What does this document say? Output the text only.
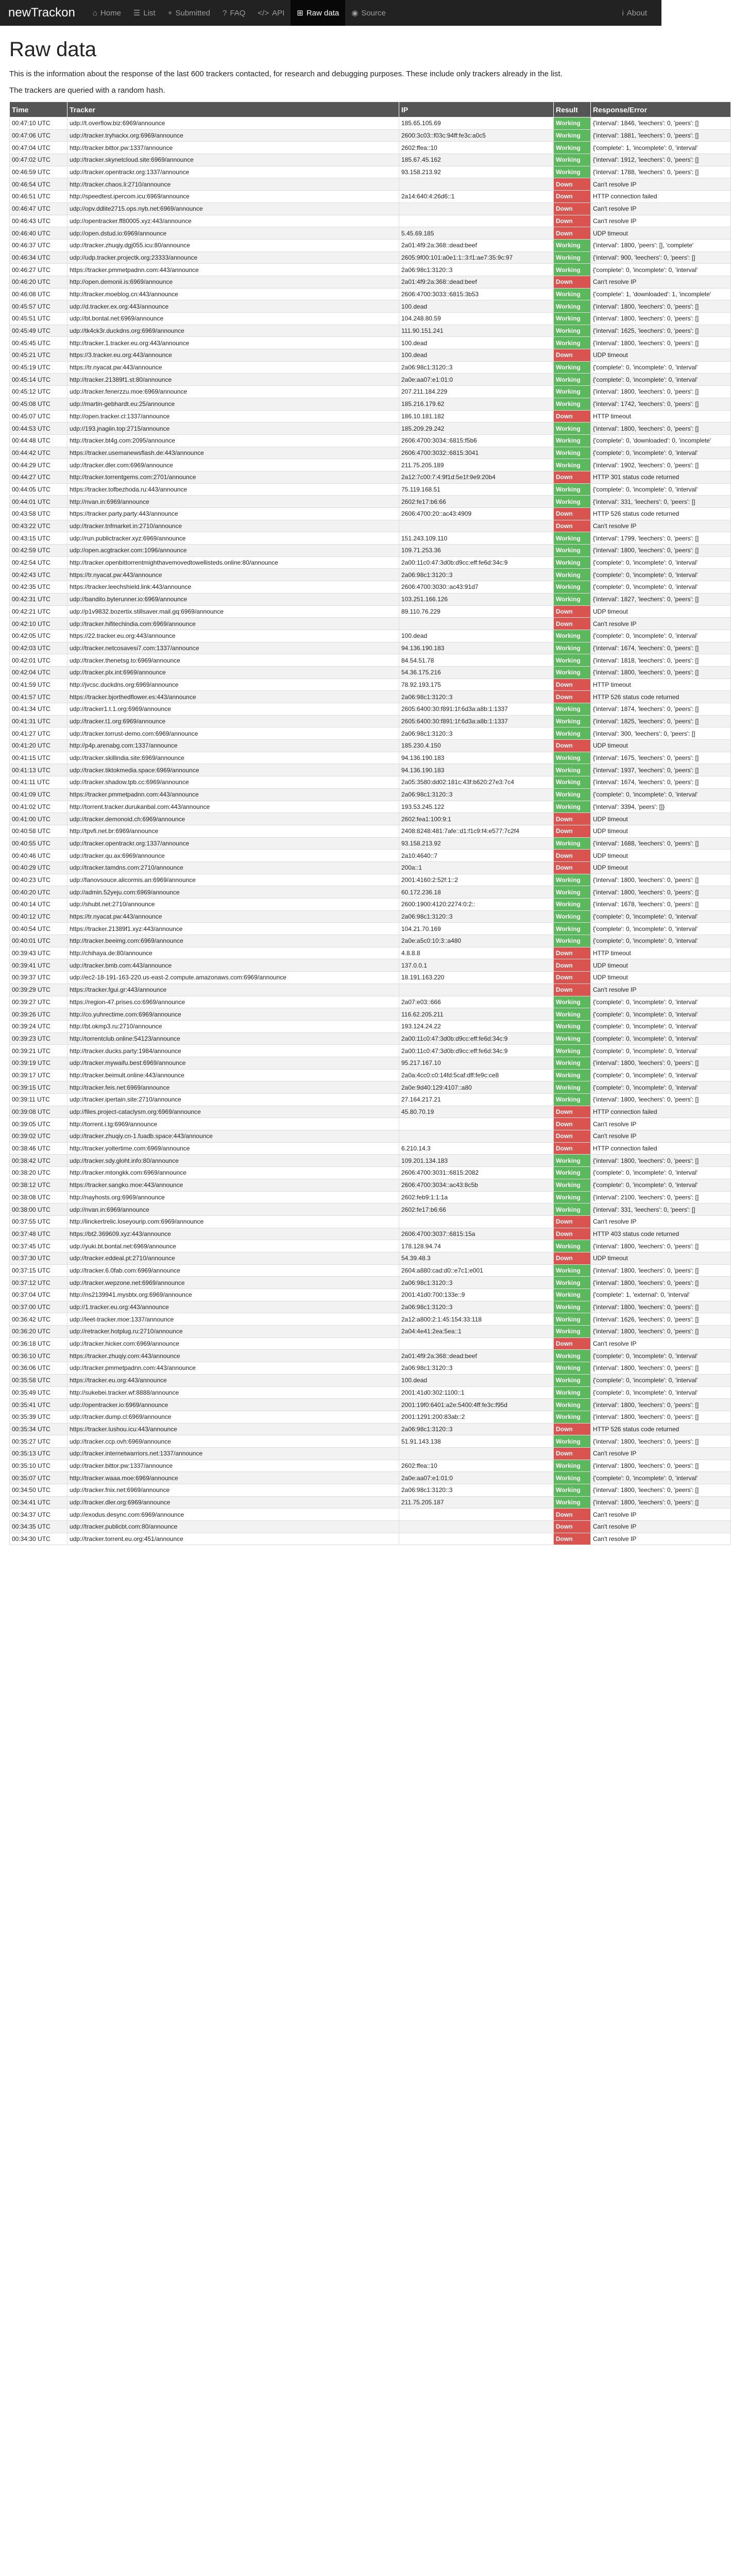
newTrackon ⌂ Home ☰ List + Submitted ? FAQ </> API ⊞ Raw data ◉ Source	i About
Raw data

This is the information about the response of the last 600 trackers contacted, for research and debugging purposes. These include only trackers already in the list.

The trackers are queried with a random hash.

Time	Tracker	IP	Result	Response/Error
00:47:10 UTC	udp://t.overflow.biz:6969/announce	185.65.105.69	Working	{'interval': 1846, 'leechers': 0, 'peers': []
00:47:06 UTC	udp://tracker.tryhackx.org:6969/announce	2600:3c03::f03c:94ff:fe3c:a0c5	Working	{'interval': 1881, 'leechers': 0, 'peers': []
00:47:04 UTC	http://tracker.bittor.pw:1337/announce	2602:ffea::10	Working	{'complete': 1, 'incomplete': 0, 'interval'
00:47:02 UTC	udp://tracker.skynetcloud.site:6969/announce	185.67.45.162	Working	{'interval': 1912, 'leechers': 0, 'peers': []
00:46:59 UTC	udp://tracker.opentrackr.org:1337/announce	93.158.213.92	Working	{'interval': 1788, 'leechers': 0, 'peers': []
00:46:54 UTC	http://tracker.chaos.li:2710/announce		Down	Can't resolve IP
00:46:51 UTC	http://speedtest.ipercom.icu:6969/announce	2a14:640:4:26d6::1	Down	HTTP connection failed
00:46:47 UTC	udp://opv.ddlite2715.ops.nyb.net:6969/announce		Down	Can't resolve IP
00:46:43 UTC	udp://opentracker.ff80005.xyz:443/announce		Down	Can't resolve IP
00:46:40 UTC	udp://open.dstud.io:6969/announce	5.45.69.185	Down	UDP timeout
00:46:37 UTC	udp://tracker.zhuqiy.dgj055.icu:80/announce	2a01:4f9:2a:368::dead:beef	Working	{'interval': 1800, 'peers': [], 'complete'
00:46:34 UTC	udp://udp.tracker.projectk.org:23333/announce	2605:9f00:101:a0e1:1::3:f1:ae7:35:9c:97	Working	{'interval': 900, 'leechers': 0, 'peers': []
00:46:27 UTC	https://tracker.pmmetpadnn.com:443/announce	2a06:98c1:3120::3	Working	{'complete': 0, 'incomplete': 0, 'interval'
00:46:20 UTC	http://open.demonii.is:6969/announce	2a01:4f9:2a:368::dead:beef	Down	Can't resolve IP
00:46:08 UTC	http://tracker.moeblog.cn:443/announce	2606:4700:3033::6815:3b53	Working	{'complete': 1, 'downloaded': 1, 'incomplete'
00:45:57 UTC	udp://d.tracker.ex.org:443/announce	100.dead	Working	{'interval': 1800, 'leechers': 0, 'peers': []
00:45:51 UTC	udp://bt.bontal.net:6969/announce	104.248.80.59	Working	{'interval': 1800, 'leechers': 0, 'peers': []
00:45:49 UTC	udp://tk4ck3r.duckdns.org:6969/announce	111.90.151.241	Working	{'interval': 1625, 'leechers': 0, 'peers': []
00:45:45 UTC	http://tracker.1.tracker.eu.org:443/announce	100.dead	Working	{'interval': 1800, 'leechers': 0, 'peers': []
00:45:21 UTC	https://3.tracker.eu.org:443/announce	100.dead	Down	UDP timeout
00:45:19 UTC	https://tr.nyacat.pw:443/announce	2a06:98c1:3120::3	Working	{'complete': 0, 'incomplete': 0, 'interval'
00:45:14 UTC	http://tracker.21389f1.st:80/announce	2a0e:aa07:e1:01:0	Working	{'complete': 0, 'incomplete': 0, 'interval'
00:45:12 UTC	udp://tracker.fenerzzu.moe:6969/announce	207.211.184.229	Working	{'interval': 1800, 'leechers': 0, 'peers': []
00:45:08 UTC	udp://martin-gebhardt.eu:25/announce	185.216.179.62	Working	{'interval': 1742, 'leechers': 0, 'peers': []
00:45:07 UTC	http://open.tracker.cl:1337/announce	186.10.181.182	Down	HTTP timeout
00:44:53 UTC	udp://193.jnagiin.top:2715/announce	185.209.29.242	Working	{'interval': 1800, 'leechers': 0, 'peers': []
00:44:48 UTC	http://tracker.bt4g.com:2095/announce	2606:4700:3034::6815:f5b6	Working	{'complete': 0, 'downloaded': 0, 'incomplete'
00:44:42 UTC	https://tracker.usemanewsflash.de:443/announce	2606:4700:3032::6815:3041	Working	{'complete': 0, 'incomplete': 0, 'interval'
00:44:29 UTC	udp://tracker.dler.com:6969/announce	211.75.205.189	Working	{'interval': 1902, 'leechers': 0, 'peers': []
00:44:27 UTC	http://tracker.torrentgems.com:2701/announce	2a12:7c00:7:4:9f1d:5e1f:9e9:20b4	Down	HTTP 301 status code returned
00:44:05 UTC	https://tracker.tofbezhoda.ru:443/announce	75.119.168.51	Working	{'complete': 0, 'incomplete': 0, 'interval'
00:44:01 UTC	http://nvan.in:6969/announce	2602:fe17:b6:66	Working	{'interval': 331, 'leechers': 0, 'peers': []
00:43:58 UTC	https://tracker.party.party:443/announce	2606:4700:20::ac43:4909	Down	HTTP 526 status code returned
00:43:22 UTC	udp://tracker.tnfmarket.in:2710/announce		Down	Can't resolve IP
00:43:15 UTC	udp://run.publictracker.xyz:6969/announce	151.243.109.110	Working	{'interval': 1799, 'leechers': 0, 'peers': []
00:42:59 UTC	udp://open.acgtracker.com:1096/announce	109.71.253.36	Working	{'interval': 1800, 'leechers': 0, 'peers': []
00:42:54 UTC	http://tracker.openbittorrentmighthavemovedtowellisteds.online:80/announce	2a00:11c0:47:3d0b:d9cc:eff:fe6d:34c:9	Working	{'complete': 0, 'incomplete': 0, 'interval'
00:42:43 UTC	https://tr.nyacat.pw:443/announce	2a06:98c1:3120::3	Working	{'complete': 0, 'incomplete': 0, 'interval'
00:42:35 UTC	https://tracker.leechshield.link:443/announce	2606:4700:3030::ac43:91d7	Working	{'complete': 0, 'incomplete': 0, 'interval'
00:42:31 UTC	udp://bandito.byterunner.io:6969/announce	103.251.166.126	Working	{'interval': 1827, 'leechers': 0, 'peers': []
00:42:21 UTC	udp://p1v9832.bozertix.stillsaver.mail.gq:6969/announce	89.110.76.229	Down	UDP timeout
00:42:10 UTC	udp://tracker.hifitechindia.com:6969/announce		Down	Can't resolve IP
00:42:05 UTC	https://22.tracker.eu.org:443/announce	100.dead	Working	{'complete': 0, 'incomplete': 0, 'interval'
00:42:03 UTC	udp://tracker.netcosavesi7.com:1337/announce	94.136.190.183	Working	{'interval': 1674, 'leechers': 0, 'peers': []
00:42:01 UTC	udp://tracker.thenetsg.to:6969/announce	84.54.51.78	Working	{'interval': 1818, 'leechers': 0, 'peers': []
00:42:04 UTC	udp://tracker.plx.int:6969/announce	54.36.175.216	Working	{'interval': 1800, 'leechers': 0, 'peers': []
00:41:59 UTC	http://jvcsc.duckdns.org:6969/announce	78.92.193.175	Down	HTTP timeout
00:41:57 UTC	https://tracker.bjorthedflower.es:443/announce	2a06:98c1:3120::3	Down	HTTP 526 status code returned
00:41:34 UTC	udp://tracker1.t.1.org:6969/announce	2605:6400:30:f891:1f:6d3a:a8b:1:1337	Working	{'interval': 1874, 'leechers': 0, 'peers': []
00:41:31 UTC	udp://tracker.t1.org:6969/announce	2605:6400:30:f891:1f:6d3a:a8b:1:1337	Working	{'interval': 1825, 'leechers': 0, 'peers': []
00:41:27 UTC	udp://tracker.torrust-demo.com:6969/announce	2a06:98c1:3120::3	Working	{'interval': 300, 'leechers': 0, 'peers': []
00:41:20 UTC	http://p4p.arenabg.com:1337/announce	185.230.4.150	Down	UDP timeout
00:41:15 UTC	udp://tracker.skillindia.site:6969/announce	94.136.190.183	Working	{'interval': 1675, 'leechers': 0, 'peers': []
00:41:13 UTC	udp://tracker.tiktokmedia.space:6969/announce	94.136.190.183	Working	{'interval': 1937, 'leechers': 0, 'peers': []
00:41:11 UTC	udp://tracker.shadow.tpb.cc:6969/announce	2a05:3580:dd02:181c:43f:b620:27e3:7c4	Working	{'interval': 1674, 'leechers': 0, 'peers': []
00:41:09 UTC	https://tracker.pmmetpadnn.com:443/announce	2a06:98c1:3120::3	Working	{'complete': 0, 'incomplete': 0, 'interval'
00:41:02 UTC	http://torrent.tracker.durukanbal.com:443/announce	193.53.245.122	Working	{'interval': 3394, 'peers': []}
00:41:00 UTC	udp://tracker.demonoid.ch:6969/announce	2602:fea1:100:9:1	Down	UDP timeout
00:40:58 UTC	http://tpvfi.net.br:6969/announce	2408:8248:481:7afe::d1:f1c9:f4:e577:7c2f4	Down	UDP timeout
00:40:55 UTC	udp://tracker.opentrackr.org:1337/announce	93.158.213.92	Working	{'interval': 1688, 'leechers': 0, 'peers': []
00:40:46 UTC	udp://tracker.qu.ax:6969/announce	2a10:4640::7	Down	UDP timeout
00:40:29 UTC	udp://tracker.tamdns.com:2710/announce	200a::1	Down	UDP timeout
00:40:23 UTC	udp://fanovsouce.alicormis.an:6969/announce	2001:4160:2:52f:1::2	Working	{'interval': 1800, 'leechers': 0, 'peers': []
00:40:20 UTC	udp://admin.52yeju.com:6969/announce	60.172.236.18	Working	{'interval': 1800, 'leechers': 0, 'peers': []
00:40:14 UTC	udp://shubt.net:2710/announce	2600:1900:4120:2274:0:2::	Working	{'interval': 1678, 'leechers': 0, 'peers': []
00:40:12 UTC	https://tr.nyacat.pw:443/announce	2a06:98c1:3120::3	Working	{'complete': 0, 'incomplete': 0, 'interval'
00:40:54 UTC	https://tracker.21389f1.xyz:443/announce	104.21.70.169	Working	{'complete': 0, 'incomplete': 0, 'interval'
00:40:01 UTC	http://tracker.beeimg.com:6969/announce	2a0e:a5c0:10:3::a480	Working	{'complete': 0, 'incomplete': 0, 'interval'
00:39:43 UTC	http://chihaya.de:80/announce	4.8.8.8	Down	HTTP timeout
00:39:41 UTC	udp://tracker.bmb.com:443/announce	137.0.0.1	Down	UDP timeout
00:39:37 UTC	udp://ec2-18-191-163-220.us-east-2.compute.amazonaws.com:6969/announce	18.191.163.220	Down	UDP timeout
00:39:29 UTC	https://tracker.fgui.gr:443/announce		Down	Can't resolve IP
00:39:27 UTC	https://region-47.prises.co:6969/announce	2a07:e03::666	Working	{'complete': 0, 'incomplete': 0, 'interval'
00:39:26 UTC	http://co.yuhrectime.com:6969/announce	116.62.205.211	Working	{'complete': 0, 'incomplete': 0, 'interval'
00:39:24 UTC	http://bt.okmp3.ru:2710/announce	193.124.24.22	Working	{'complete': 0, 'incomplete': 0, 'interval'
00:39:23 UTC	http://torrentclub.online:54123/announce	2a00:11c0:47:3d0b:d9cc:eff:fe6d:34c:9	Working	{'complete': 0, 'incomplete': 0, 'interval'
00:39:21 UTC	http://tracker.ducks.party:1984/announce	2a00:11c0:47:3d0b:d9cc:eff:fe6d:34c:9	Working	{'complete': 0, 'incomplete': 0, 'interval'
00:39:19 UTC	udp://tracker.mywaifu.best:6969/announce	95.217.167.10	Working	{'interval': 1800, 'leechers': 0, 'peers': []
00:39:17 UTC	http://tracker.beimult.online:443/announce	2a0a:4cc0:c0:14fd:5caf:dff:fe9c:ce8	Working	{'complete': 0, 'incomplete': 0, 'interval'
00:39:15 UTC	http://tracker.feis.net:6969/announce	2a0e:9d40:129:4107::a80	Working	{'complete': 0, 'incomplete': 0, 'interval'
00:39:11 UTC	udp://tracker.ipertain.site:2710/announce	27.164.217.21	Working	{'interval': 1800, 'leechers': 0, 'peers': []
00:39:08 UTC	udp://files.project-cataclysm.org:6969/announce	45.80.70.19	Down	HTTP connection failed
00:39:05 UTC	http://torrent.i.tg:6969/announce		Down	Can't resolve IP
00:39:02 UTC	udp://tracker.zhuqiy.cn-1.fuadb.space:443/announce		Down	Can't resolve IP
00:38:46 UTC	http://tracker.yoltertime.com:6969/announce	6.210.14.3	Down	HTTP connection failed
00:38:42 UTC	udp://tracker.sdy.gloht.info:80/announce	109.201.134.183	Working	{'interval': 1800, 'leechers': 0, 'peers': []
00:38:20 UTC	http://tracker.mtongkk.com:6969/announce	2606:4700:3031::6815:2082	Working	{'complete': 0, 'incomplete': 0, 'interval'
00:38:12 UTC	https://tracker.sangko.moe:443/announce	2606:4700:3034::ac43:8c5b	Working	{'complete': 0, 'incomplete': 0, 'interval'
00:38:08 UTC	http://nayhosts.org:6969/announce	2602:feb9:1:1:1a	Working	{'interval': 2100, 'leechers': 0, 'peers': []
00:38:00 UTC	udp://nvan.in:6969/announce	2602:fe17:b6:66	Working	{'interval': 331, 'leechers': 0, 'peers': []
00:37:55 UTC	http://linckertrelic.loseyourip.com:6969/announce		Down	Can't resolve IP
00:37:48 UTC	https://bt2.369609.xyz:443/announce	2606:4700:3037::6815:15a	Down	HTTP 403 status code returned
00:37:45 UTC	udp://yuki.bt.bontal.net:6969/announce	178.128.94.74	Working	{'interval': 1800, 'leechers': 0, 'peers': []
00:37:30 UTC	udp://tracker.eddeal.pt:2710/announce	54.39.48.3	Down	UDP timeout
00:37:15 UTC	udp://tracker.6.0fab.com:6969/announce	2604:a880:cad:d0::e7c1:e001	Working	{'interval': 1800, 'leechers': 0, 'peers': []
00:37:12 UTC	udp://tracker.wepzone.net:6969/announce	2a06:98c1:3120::3	Working	{'interval': 1800, 'leechers': 0, 'peers': []
00:37:04 UTC	http://ns2139941.mysbtx.org:6969/announce	2001:41d0:700:133e::9	Working	{'complete': 1, 'external': 0, 'interval'
00:37:00 UTC	udp://1.tracker.eu.org:443/announce	2a06:98c1:3120::3	Working	{'interval': 1800, 'leechers': 0, 'peers': []
00:36:42 UTC	udp://leet-tracker.moe:1337/announce	2a12:a800:2:1:45:154:33:118	Working	{'interval': 1626, 'leechers': 0, 'peers': []
00:36:20 UTC	udp://retracker.hotplug.ru:2710/announce	2a04:4e41:2ea:5ea::1	Working	{'interval': 1800, 'leechers': 0, 'peers': []
00:36:18 UTC	udp://tracker.hicker.com:6969/announce		Down	Can't resolve IP
00:36:10 UTC	https://tracker.zhuqiy.com:443/announce	2a01:4f9:2a:368::dead:beef	Working	{'complete': 0, 'incomplete': 0, 'interval'
00:36:06 UTC	udp://tracker.pmmetpadnn.com:443/announce	2a06:98c1:3120::3	Working	{'interval': 1800, 'leechers': 0, 'peers': []
00:35:58 UTC	https://tracker.eu.org:443/announce	100.dead	Working	{'complete': 0, 'incomplete': 0, 'interval'
00:35:49 UTC	http://sukebei.tracker.wf:8888/announce	2001:41d0:302:1100::1	Working	{'complete': 0, 'incomplete': 0, 'interval'
00:35:41 UTC	udp://opentracker.io:6969/announce	2001:19f0:6401:a2e:5400:4ff:fe3c:f95d	Working	{'interval': 1800, 'leechers': 0, 'peers': []
00:35:39 UTC	udp://tracker.dump.cl:6969/announce	2001:1291:200:83ab::2	Working	{'interval': 1800, 'leechers': 0, 'peers': []
00:35:34 UTC	https://tracker.lushou.icu:443/announce	2a06:98c1:3120::3	Down	HTTP 526 status code returned
00:35:27 UTC	udp://tracker.ccp.ovh:6969/announce	51.91.143.138	Working	{'interval': 1800, 'leechers': 0, 'peers': []
00:35:13 UTC	udp://tracker.internetwarriors.net:1337/announce		Down	Can't resolve IP
00:35:10 UTC	udp://tracker.bittor.pw:1337/announce	2602:ffea::10	Working	{'interval': 1800, 'leechers': 0, 'peers': []
00:35:07 UTC	http://tracker.waaa.moe:6969/announce	2a0e:aa07:e1:01:0	Working	{'complete': 0, 'incomplete': 0, 'interval'
00:34:50 UTC	udp://tracker.fnix.net:6969/announce	2a06:98c1:3120::3	Working	{'interval': 1800, 'leechers': 0, 'peers': []
00:34:41 UTC	udp://tracker.dler.org:6969/announce	211.75.205.187	Working	{'interval': 1800, 'leechers': 0, 'peers': []
00:34:37 UTC	udp://exodus.desync.com:6969/announce		Down	Can't resolve IP
00:34:35 UTC	udp://tracker.publicbt.com:80/announce		Down	Can't resolve IP
00:34:30 UTC	udp://tracker.torrent.eu.org:451/announce		Down	Can't resolve IP
